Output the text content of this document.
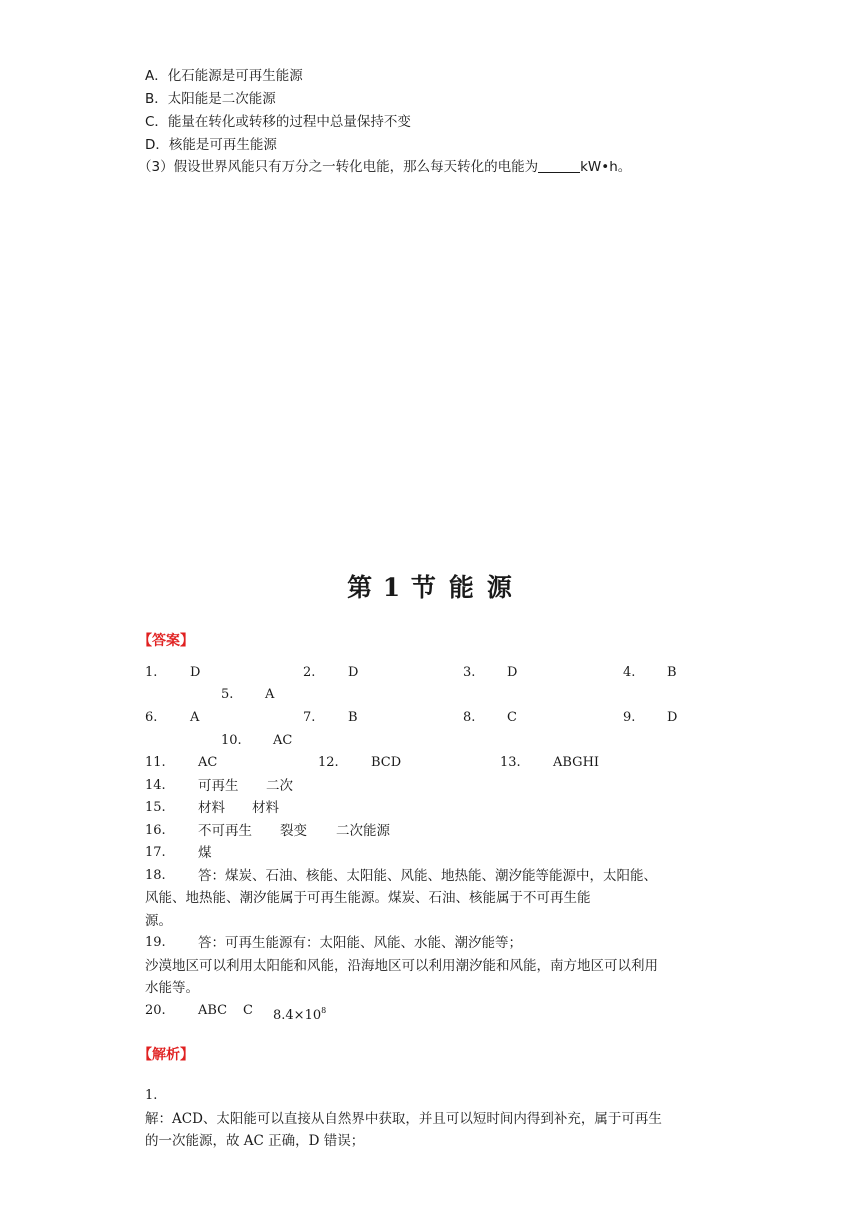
A．化石能源是可再生能源
B．太阳能是二次能源
C．能量在转化或转移的过程中总量保持不变
D．核能是可再生能源
（3）假设世界风能只有万分之一转化电能，那么每天转化的电能为	kW•h。
第 1 节 能 源
【答案】
1.	D	2.	D	3. D	4. B
5. A
6.	A	7.	B	8. C	9. D
10. AC
11. AC	12. BCD	13. ABGHI
14. 可再生 二次
15. 材料 材料
16. 不可再生 裂变 二次能源
17. 煤
18. 答：煤炭、石油、核能、太阳能、风能、地热能、潮汐能等能源中，太阳能、
风能、地热能、潮汐能属于可再生能源。煤炭、石油、核能属于不可再生能
源。
19. 答：可再生能源有：太阳能、风能、水能、潮汐能等；
沙漠地区可以利用太阳能和风能，沿海地区可以利用潮汐能和风能，南方地区可以利用
水能等。
20. ABC C $8.4\times 10^8$
【解析】
1.
解：ACD、太阳能可以直接从自然界中获取，并且可以短时间内得到补充，属于可再生
的一次能源，故 AC 正确，D 错误；
